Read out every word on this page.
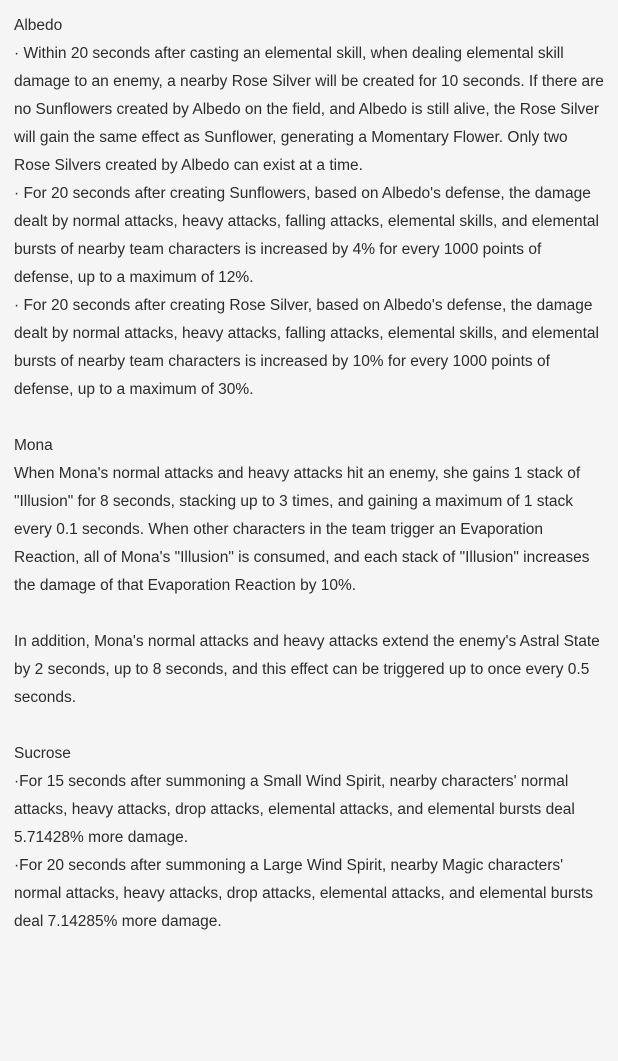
Albedo

· Within 20 seconds after casting an elemental skill, when dealing elemental skill damage to an enemy, a nearby Rose Silver will be created for 10 seconds. If there are no Sunflowers created by Albedo on the field, and Albedo is still alive, the Rose Silver will gain the same effect as Sunflower, generating a Momentary Flower. Only two Rose Silvers created by Albedo can exist at a time.

· For 20 seconds after creating Sunflowers, based on Albedo's defense, the damage dealt by normal attacks, heavy attacks, falling attacks, elemental skills, and elemental bursts of nearby team characters is increased by 4% for every 1000 points of defense, up to a maximum of 12%.

· For 20 seconds after creating Rose Silver, based on Albedo's defense, the damage dealt by normal attacks, heavy attacks, falling attacks, elemental skills, and elemental bursts of nearby team characters is increased by 10% for every 1000 points of defense, up to a maximum of 30%.

Mona

When Mona's normal attacks and heavy attacks hit an enemy, she gains 1 stack of "Illusion" for 8 seconds, stacking up to 3 times, and gaining a maximum of 1 stack every 0.1 seconds. When other characters in the team trigger an Evaporation Reaction, all of Mona's "Illusion" is consumed, and each stack of "Illusion" increases the damage of that Evaporation Reaction by 10%.

In addition, Mona's normal attacks and heavy attacks extend the enemy's Astral State by 2 seconds, up to 8 seconds, and this effect can be triggered up to once every 0.5 seconds.

Sucrose

·For 15 seconds after summoning a Small Wind Spirit, nearby characters' normal attacks, heavy attacks, drop attacks, elemental attacks, and elemental bursts deal 5.71428% more damage.

·For 20 seconds after summoning a Large Wind Spirit, nearby Magic characters' normal attacks, heavy attacks, drop attacks, elemental attacks, and elemental bursts deal 7.14285% more damage.
